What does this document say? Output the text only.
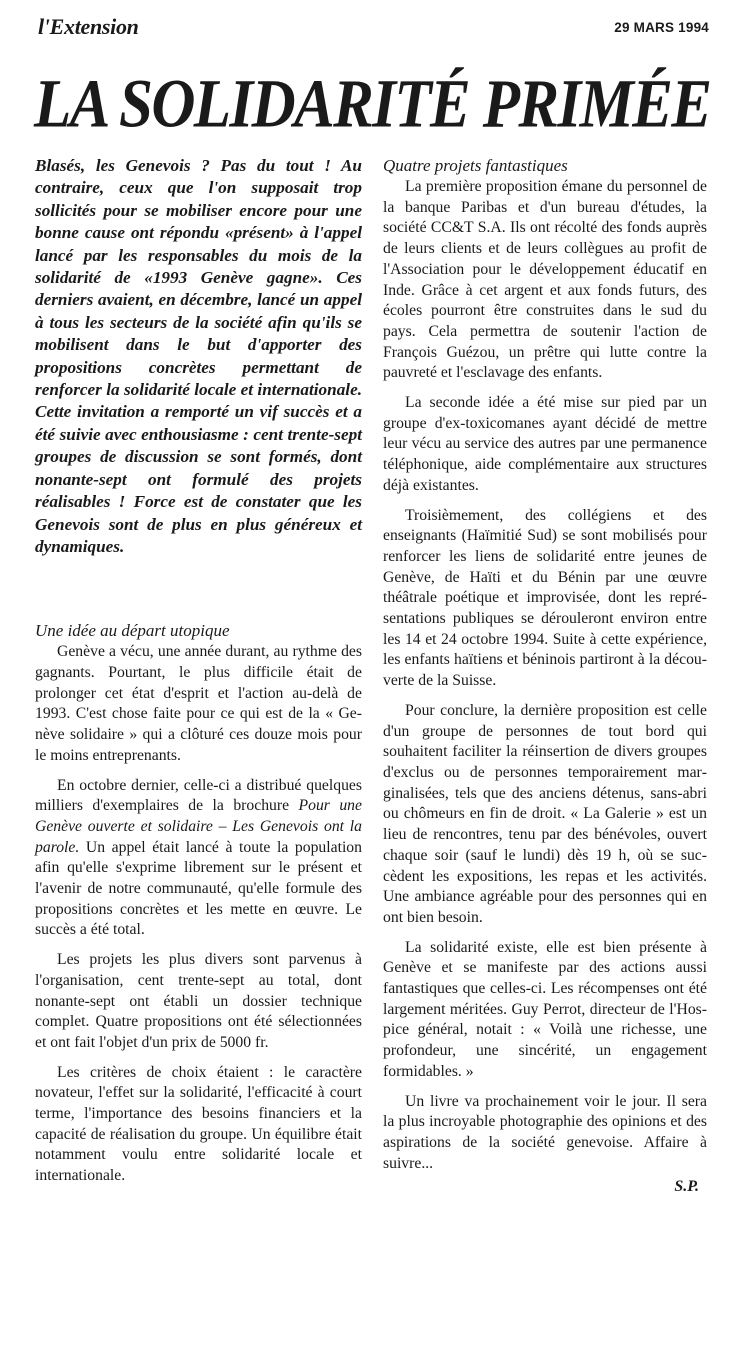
l'Extension	29 MARS 1994
LA SOLIDARITÉ PRIMÉE

Blasés, les Genevois ? Pas du tout ! Au contraire, ceux que l'on supposait trop sollicités pour se mobiliser encore pour une bonne cause ont répondu «présent» à l'appel lancé par les responsables du mois de la solidarité de «1993 Genève gagne». Ces derniers avaient, en décembre, lancé un appel à tous les secteurs de la société afin qu'ils se mobilisent dans le but d'apporter des propositions concrètes permettant de renforcer la solidarité locale et internationale. Cette invitation a remporté un vif succès et a été suivie avec enthousiasme : cent trente-sept groupes de discussion se sont formés, dont nonante-sept ont formulé des projets réalisables ! Force est de constater que les Genevois sont de plus en plus généreux et dynamiques.

Une idée au départ utopique

Genève a vécu, une année durant, au rythme des gagnants. Pourtant, le plus difficile était de prolonger cet état d'esprit et l'action au-delà de 1993. C'est chose faite pour ce qui est de la « Genève solidaire » qui a clôturé ces douze mois pour le moins entreprenants.

En octobre dernier, celle-ci a distribué quelques milliers d'exemplaires de la brochure Pour une Genève ouverte et solidaire – Les Genevois ont la parole. Un appel était lancé à toute la population afin qu'elle s'exprime librement sur le présent et l'avenir de notre communauté, qu'elle formule des propositions concrètes et les mette en œuvre. Le succès a été total.

Les projets les plus divers sont parvenus à l'organisation, cent trente-sept au total, dont nonante-sept ont établi un dossier technique complet. Quatre propositions ont été sélectionnées et ont fait l'objet d'un prix de 5000 fr.

Les critères de choix étaient : le caractère novateur, l'effet sur la solidarité, l'efficacité à court terme, l'importance des besoins financiers et la capacité de réalisation du groupe. Un équilibre était notamment voulu entre solidarité locale et internationale.

Quatre projets fantastiques

La première proposition émane du personnel de la banque Paribas et d'un bureau d'études, la société CC&T S.A. Ils ont récolté des fonds auprès de leurs clients et de leurs collègues au profit de l'Association pour le développement éducatif en Inde. Grâce à cet argent et aux fonds futurs, des écoles pourront être construites dans le sud du pays. Cela permettra de soutenir l'action de François Guézou, un prêtre qui lutte contre la pauvreté et l'esclavage des enfants.

La seconde idée a été mise sur pied par un groupe d'ex-toxicomanes ayant décidé de mettre leur vécu au service des autres par une permanence téléphonique, aide complémentaire aux structures déjà existantes.

Troisièmement, des collégiens et des enseignants (Haïmitié Sud) se sont mobilisés pour renforcer les liens de solidarité entre jeunes de Genève, de Haïti et du Bénin par une œuvre théâtrale poétique et improvisée, dont les représentations publiques se dérouleront environ entre les 14 et 24 octobre 1994. Suite à cette expérience, les enfants haïtiens et béninois partiront à la découverte de la Suisse.

Pour conclure, la dernière proposition est celle d'un groupe de personnes de tout bord qui souhaitent faciliter la réinsertion de divers groupes d'exclus ou de personnes temporairement marginalisées, tels que des anciens détenus, sans-abri ou chômeurs en fin de droit. « La Galerie » est un lieu de rencontres, tenu par des bénévoles, ouvert chaque soir (sauf le lundi) dès 19 h, où se succèdent les expositions, les repas et les activités. Une ambiance agréable pour des personnes qui en ont bien besoin.

La solidarité existe, elle est bien présente à Genève et se manifeste par des actions aussi fantastiques que celles-ci. Les récompenses ont été largement méritées. Guy Perrot, directeur de l'Hospice général, notait : « Voilà une richesse, une profondeur, une sincérité, un engagement formidables. »

Un livre va prochainement voir le jour. Il sera la plus incroyable photographie des opinions et des aspirations de la société genevoise. Affaire à suivre...

S.P.
